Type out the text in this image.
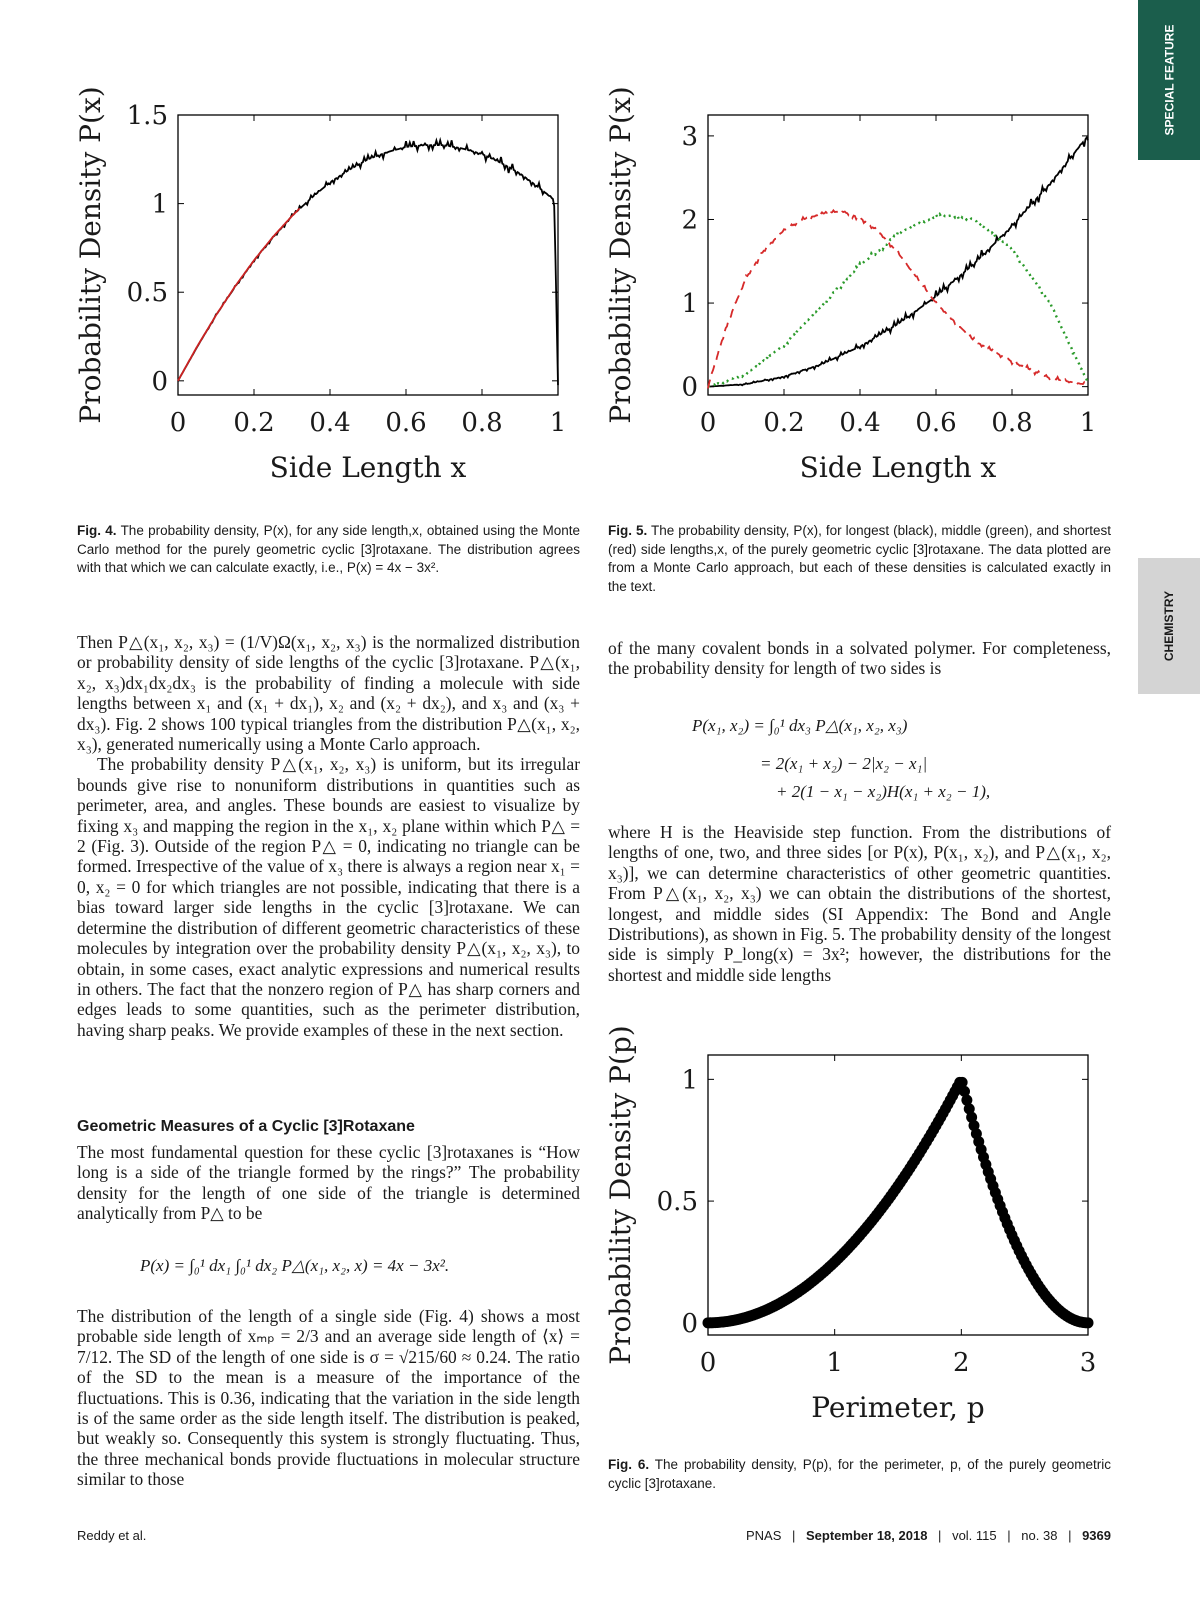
SPECIAL FEATURE
CHEMISTRY
0 0.2 0.4 0.6 0.8 1
0
0.5
1
1.5
Side Length x
Probability Density P(x)	0 0.2 0.4 0.6 0.8 1
0
1
2
3
Side Length x
Probability Density P(x)
0	1	2	3
0
0.5
1
Perimeter, p
Probability Density P(p)
Fig. 4. The probability density, P(x), for any side length,x, obtained using the Monte Carlo method for the purely geometric cyclic [3]rotaxane. The distribution agrees with that which we can calculate exactly, i.e., P(x) = 4x − 3x².
Fig. 5. The probability density, P(x), for longest (black), middle (green), and shortest (red) side lengths,x, of the purely geometric cyclic [3]rotaxane. The data plotted are from a Monte Carlo approach, but each of these densities is calculated exactly in the text.
Fig. 6. The probability density, P(p), for the perimeter, p, of the purely geometric cyclic [3]rotaxane.

Then P△(x₁, x₂, x₃) = (1/V)Ω(x₁, x₂, x₃) is the normalized distribution or probability density of side lengths of the cyclic [3]rotaxane. P△(x₁, x₂, x₃)dx₁dx₂dx₃ is the probability of finding a molecule with side lengths between x₁ and (x₁ + dx₁), x₂ and (x₂ + dx₂), and x₃ and (x₃ + dx₃). Fig. 2 shows 100 typical triangles from the distribution P△(x₁, x₂, x₃), generated numerically using a Monte Carlo approach.

The probability density P△(x₁, x₂, x₃) is uniform, but its irregular bounds give rise to nonuniform distributions in quantities such as perimeter, area, and angles. These bounds are easiest to visualize by fixing x₃ and mapping the region in the x₁, x₂ plane within which P△ = 2 (Fig. 3). Outside of the region P△ = 0, indicating no triangle can be formed. Irrespective of the value of x₃ there is always a region near x₁ = 0, x₂ = 0 for which triangles are not possible, indicating that there is a bias toward larger side lengths in the cyclic [3]rotaxane. We can determine the distribution of different geometric characteristics of these molecules by integration over the probability density P△(x₁, x₂, x₃), to obtain, in some cases, exact analytic expressions and numerical results in others. The fact that the nonzero region of P△ has sharp corners and edges leads to some quantities, such as the perimeter distribution, having sharp peaks. We provide examples of these in the next section.

Geometric Measures of a Cyclic [3]Rotaxane

The most fundamental question for these cyclic [3]rotaxanes is “How long is a side of the triangle formed by the rings?” The probability density for the length of one side of the triangle is determined analytically from P△ to be

P(x) = ∫₀¹ dx₁ ∫₀¹ dx₂ P△(x₁, x₂, x) = 4x − 3x².

The distribution of the length of a single side (Fig. 4) shows a most probable side length of xₘₚ = 2/3 and an average side length of ⟨x⟩ = 7/12. The SD of the length of one side is σ = √215/60 ≈ 0.24. The ratio of the SD to the mean is a measure of the importance of the fluctuations. This is 0.36, indicating that the variation in the side length is of the same order as the side length itself. The distribution is peaked, but weakly so. Consequently this system is strongly fluctuating. Thus, the three mechanical bonds provide fluctuations in molecular structure similar to those

of the many covalent bonds in a solvated polymer. For completeness, the probability density for length of two sides is

P(x₁, x₂) = ∫₀¹ dx₃ P△(x₁, x₂, x₃)
= 2(x₁ + x₂) − 2|x₂ − x₁|
+ 2(1 − x₁ − x₂)H(x₁ + x₂ − 1),

where H is the Heaviside step function. From the distributions of lengths of one, two, and three sides [or P(x), P(x₁, x₂), and P△(x₁, x₂, x₃)], we can determine characteristics of other geometric quantities. From P△(x₁, x₂, x₃) we can obtain the distributions of the shortest, longest, and middle sides (SI Appendix: The Bond and Angle Distributions), as shown in Fig. 5. The probability density of the longest side is simply P_long(x) = 3x²; however, the distributions for the shortest and middle side lengths

Reddy et al.	PNAS | September 18, 2018 | vol. 115 | no. 38 | 9369
